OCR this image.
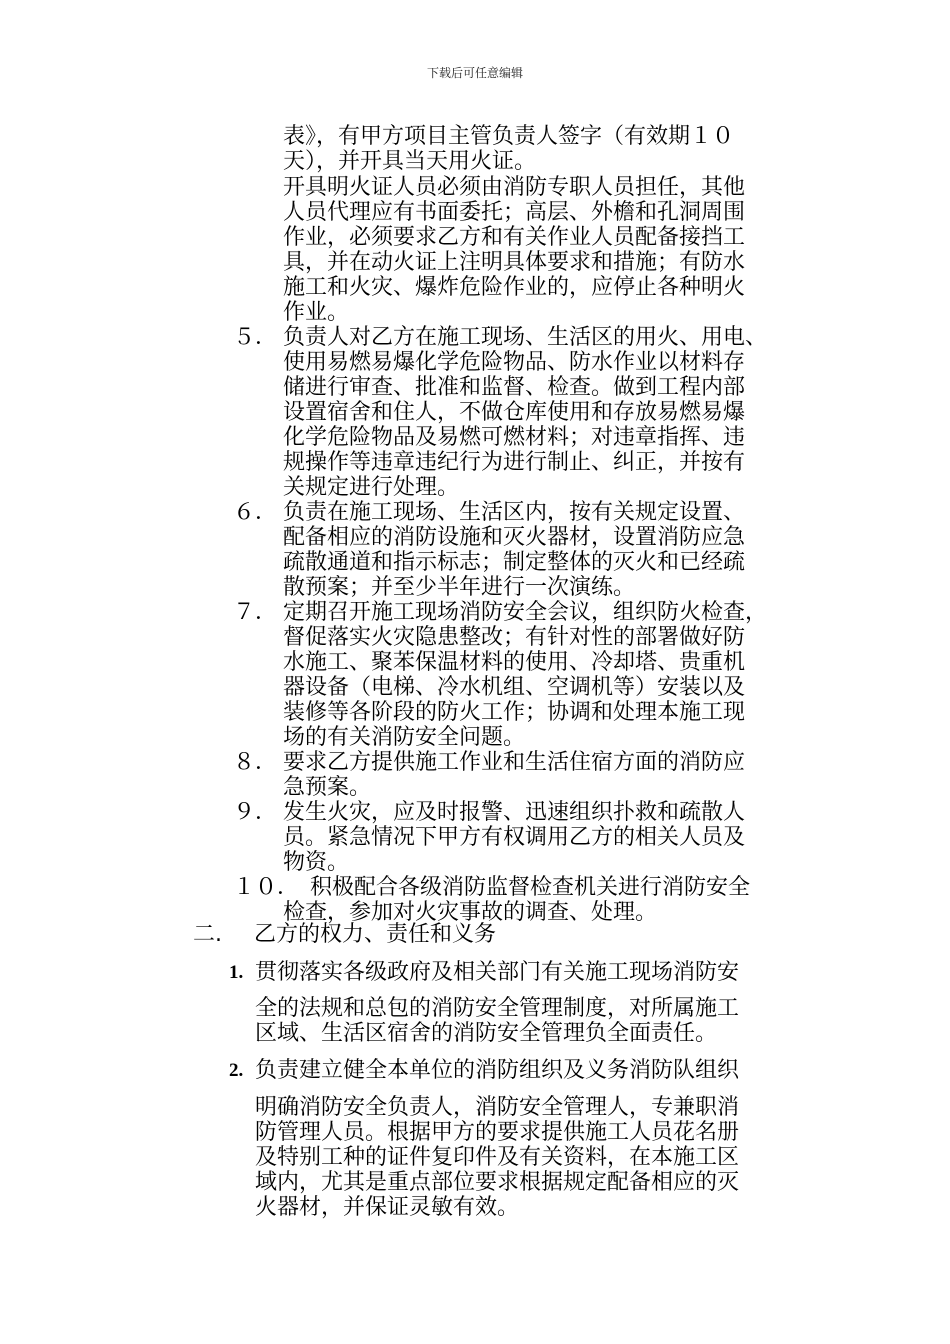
下载后可任意编辑
表》，有甲方项目主管负责人签字（有效期１０
天），并开具当天用火证。
开具明火证人员必须由消防专职人员担任，其他
人员代理应有书面委托；高层、外檐和孔洞周围
作业，必须要求乙方和有关作业人员配备接挡工
具，并在动火证上注明具体要求和措施；有防水
施工和火灾、爆炸危险作业的，应停止各种明火
作业。
５． 负责人对乙方在施工现场、生活区的用火、用电、
使用易燃易爆化学危险物品、防水作业以材料存
储进行审查、批准和监督、检查。做到工程内部
设置宿舍和住人，不做仓库使用和存放易燃易爆
化学危险物品及易燃可燃材料；对违章指挥、违
规操作等违章违纪行为进行制止、纠正，并按有
关规定进行处理。
６． 负责在施工现场、生活区内，按有关规定设置、
配备相应的消防设施和灭火器材，设置消防应急
疏散通道和指示标志；制定整体的灭火和已经疏
散预案；并至少半年进行一次演练。
７． 定期召开施工现场消防安全会议，组织防火检查，
督促落实火灾隐患整改；有针对性的部署做好防
水施工、聚苯保温材料的使用、冷却塔、贵重机
器设备（电梯、冷水机组、空调机等）安装以及
装修等各阶段的防火工作；协调和处理本施工现
场的有关消防安全问题。
８． 要求乙方提供施工作业和生活住宿方面的消防应
急预案。
９． 发生火灾，应及时报警、迅速组织扑救和疏散人
员。紧急情况下甲方有权调用乙方的相关人员及
物资。
１０． 积极配合各级消防监督检查机关进行消防安全
检查，参加对火灾事故的调查、处理。
二. 乙方的权力、责任和义务
1. 贯彻落实各级政府及相关部门有关施工现场消防安
全的法规和总包的消防安全管理制度，对所属施工
区域、生活区宿舍的消防安全管理负全面责任。
2. 负责建立健全本单位的消防组织及义务消防队组织
明确消防安全负责人，消防安全管理人，专兼职消
防管理人员。根据甲方的要求提供施工人员花名册
及特别工种的证件复印件及有关资料，在本施工区
域内，尤其是重点部位要求根据规定配备相应的灭
火器材，并保证灵敏有效。
